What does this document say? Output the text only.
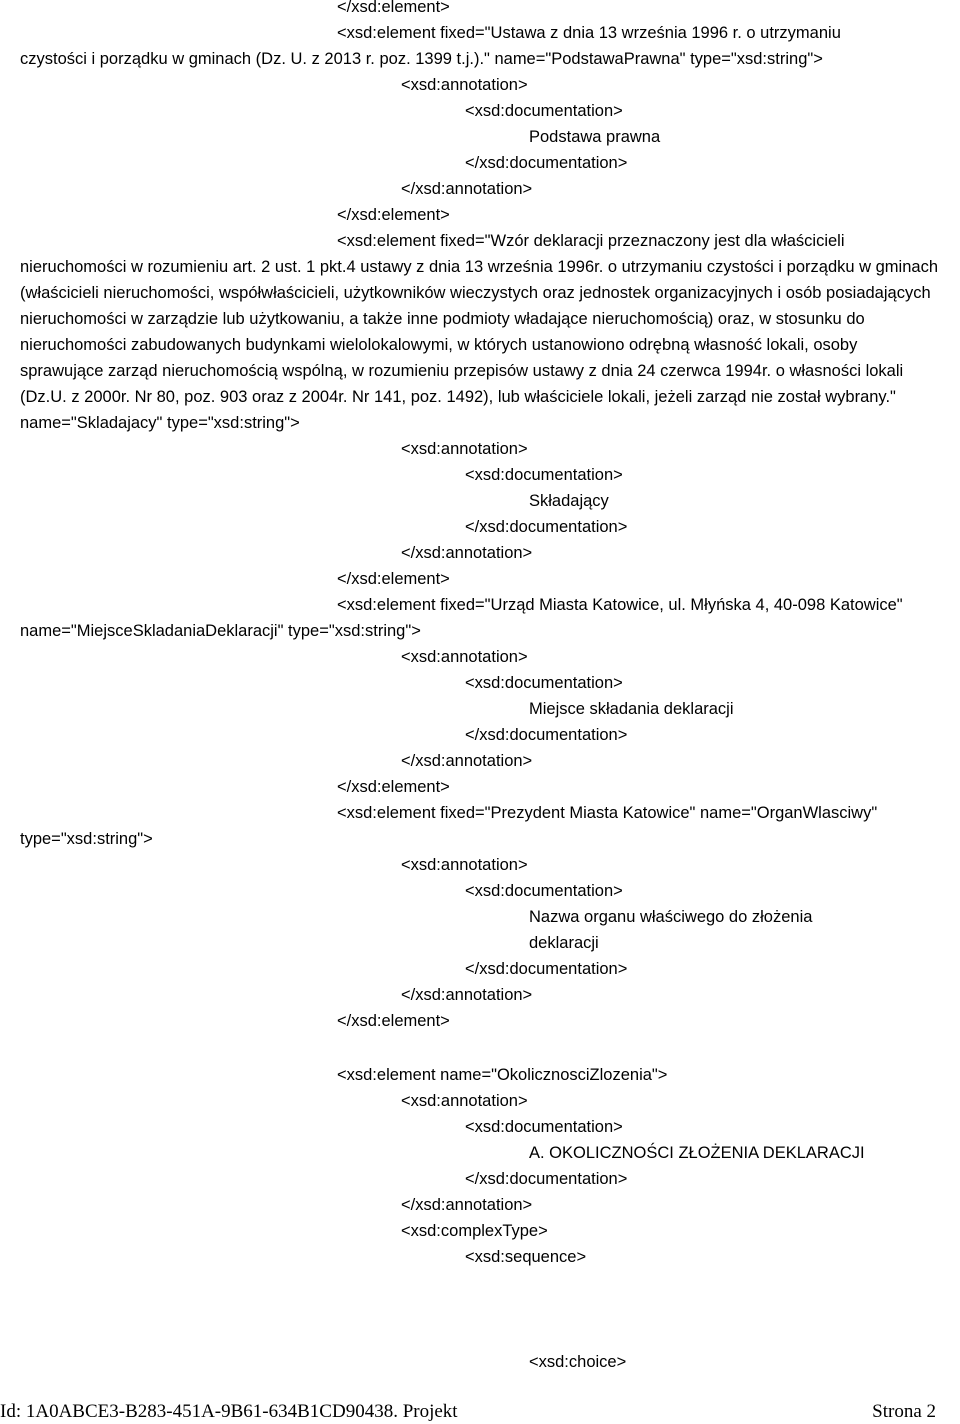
</xsd:element>
<xsd:element fixed="Ustawa z dnia 13 września 1996 r. o utrzymaniu
czystości i porządku w gminach (Dz. U. z 2013 r. poz. 1399 t.j.)." name="PodstawaPrawna" type="xsd:string">
<xsd:annotation>
<xsd:documentation>
Podstawa prawna
</xsd:documentation>
</xsd:annotation>
</xsd:element>
<xsd:element fixed="Wzór deklaracji przeznaczony jest dla właścicieli nieruchomości w rozumieniu art. 2 ust. 1 pkt.4 ustawy z dnia 13 września 1996r. o utrzymaniu czystości i porządku w gminach (właścicieli nieruchomości, współwłaścicieli, użytkowników wieczystych oraz jednostek organizacyjnych i osób posiadających nieruchomości w zarządzie lub użytkowaniu, a także inne podmioty władające nieruchomością) oraz, w stosunku do nieruchomości zabudowanych budynkami wielolokalowymi, w których ustanowiono odrębną własność lokali, osoby sprawujące zarząd nieruchomością wspólną, w rozumieniu przepisów ustawy z dnia 24 czerwca 1994r. o własności lokali (Dz.U. z 2000r. Nr 80, poz. 903 oraz z 2004r. Nr 141, poz. 1492), lub właściciele lokali, jeżeli zarząd nie został wybrany." name="Skladajacy" type="xsd:string">
<xsd:annotation>
<xsd:documentation>
Składający
</xsd:documentation>
</xsd:annotation>
</xsd:element>
<xsd:element fixed="Urząd Miasta Katowice, ul. Młyńska 4, 40-098 Katowice"
name="MiejsceSkladaniaDeklaracji" type="xsd:string">
<xsd:annotation>
<xsd:documentation>
Miejsce składania deklaracji
</xsd:documentation>
</xsd:annotation>
</xsd:element>
<xsd:element fixed="Prezydent Miasta Katowice" name="OrganWlasciwy"
type="xsd:string">
<xsd:annotation>
<xsd:documentation>
Nazwa organu właściwego do złożenia
deklaracji
</xsd:documentation>
</xsd:annotation>
</xsd:element>
<xsd:element name="OkolicznosciZlozenia">
<xsd:annotation>
<xsd:documentation>
A. OKOLICZNOŚCI ZŁOŻENIA DEKLARACJI
</xsd:documentation>
</xsd:annotation>
<xsd:complexType>
<xsd:sequence>
<xsd:choice>
Id: 1A0ABCE3-B283-451A-9B61-634B1CD90438. Projekt	Strona 2
